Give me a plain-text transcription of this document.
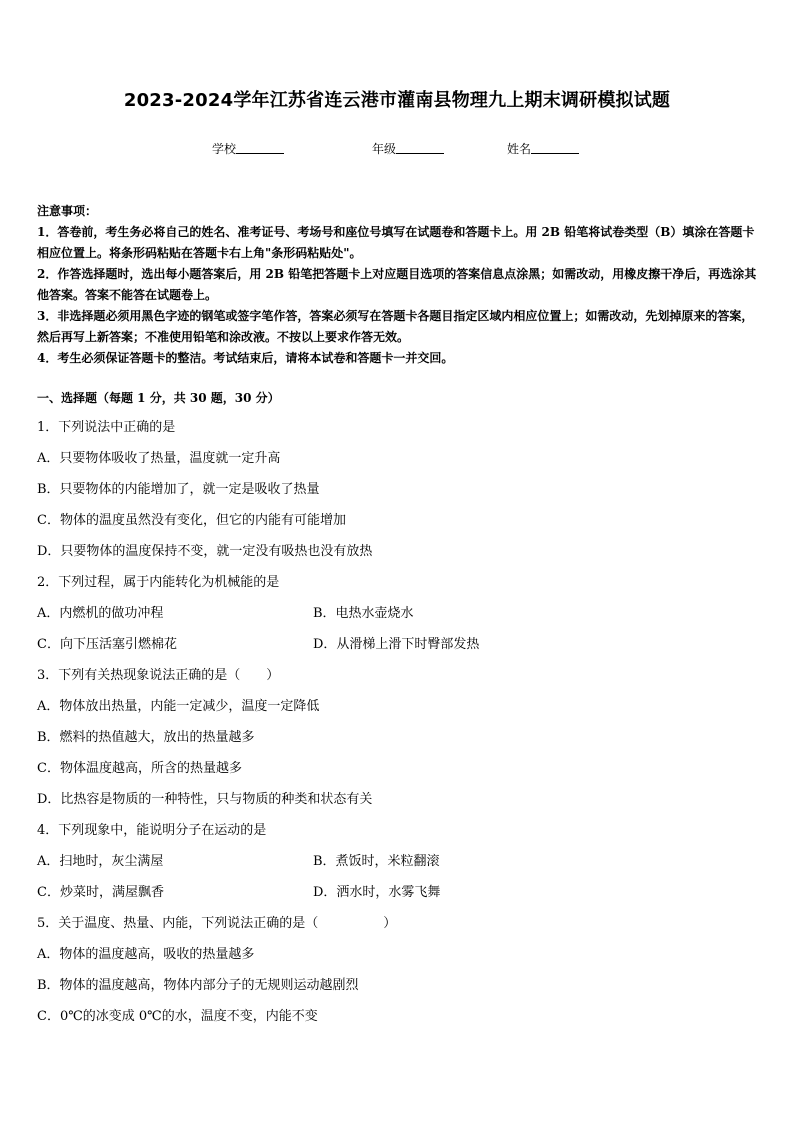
2023-2024学年江苏省连云港市灌南县物理九上期末调研模拟试题
学校	年级	姓名

注意事项：

1．答卷前，考生务必将自己的姓名、准考证号、考场号和座位号填写在试题卷和答题卡上。用 2B 铅笔将试卷类型（B）填涂在答题卡相应位置上。将条形码粘贴在答题卡右上角"条形码粘贴处"。

2．作答选择题时，选出每小题答案后，用 2B 铅笔把答题卡上对应题目选项的答案信息点涂黑；如需改动，用橡皮擦干净后，再选涂其他答案。答案不能答在试题卷上。

3．非选择题必须用黑色字迹的钢笔或签字笔作答，答案必须写在答题卡各题目指定区域内相应位置上；如需改动，先划掉原来的答案，然后再写上新答案；不准使用铅笔和涂改液。不按以上要求作答无效。

4．考生必须保证答题卡的整洁。考试结束后，请将本试卷和答题卡一并交回。

一、选择题（每题 1 分，共 30 题，30 分）
1．下列说法中正确的是
A．只要物体吸收了热量，温度就一定升高
B．只要物体的内能增加了，就一定是吸收了热量
C．物体的温度虽然没有变化，但它的内能有可能增加
D．只要物体的温度保持不变，就一定没有吸热也没有放热
2．下列过程，属于内能转化为机械能的是
A．内燃机的做功冲程	B．电热水壶烧水
C．向下压活塞引燃棉花	D．从滑梯上滑下时臀部发热
3．下列有关热现象说法正确的是（　　）
A．物体放出热量，内能一定减少，温度一定降低
B．燃料的热值越大，放出的热量越多
C．物体温度越高，所含的热量越多
D．比热容是物质的一种特性，只与物质的种类和状态有关
4．下列现象中，能说明分子在运动的是
A．扫地时，灰尘满屋	B．煮饭时，米粒翻滚
C．炒菜时，满屋飘香	D．洒水时，水雾飞舞
5．关于温度、热量、内能，下列说法正确的是（　　　　　）
A．物体的温度越高，吸收的热量越多
B．物体的温度越高，物体内部分子的无规则运动越剧烈
C．0℃的冰变成 0℃的水，温度不变，内能不变
